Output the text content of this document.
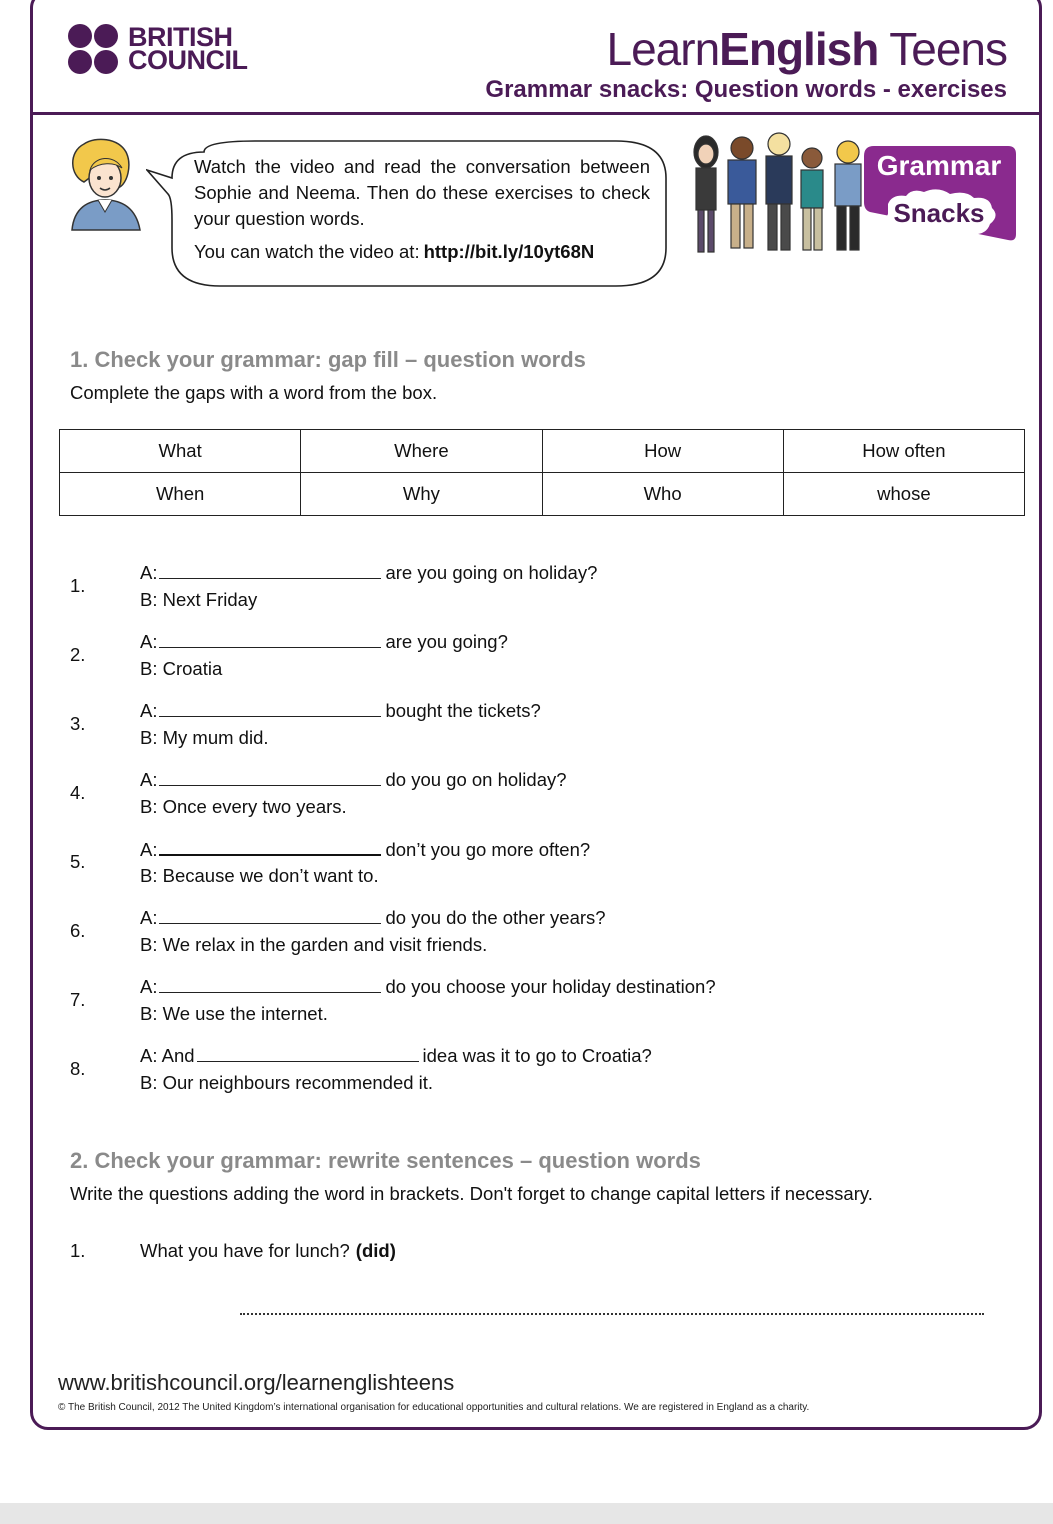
BRITISH
COUNCIL	LearnEnglish Teens
Grammar snacks: Question words - exercises
Watch the video and read the conversation between Sophie and Neema. Then do these exercises to check your question words.
You can watch the video at: http://bit.ly/10yt68N
Grammar
Snacks
1. Check your grammar: gap fill – question words
Complete the gaps with a word from the box.
What	Where	How	How often
When	Why	Who	whose
1.
A:	are you going on holiday?
B: Next Friday
2.
A:	are you going?
B: Croatia
3.
A:	bought the tickets?
B: My mum did.
4.
A:	do you go on holiday?
B: Once every two years.
5.
A:	don’t you go more often?
B: Because we don’t want to.
6.
A:	do you do the other years?
B: We relax in the garden and visit friends.
7.
A:	do you choose your holiday destination?
B: We use the internet.
8.
A: And	idea was it to go to Croatia?
B: Our neighbours recommended it.
2. Check your grammar: rewrite sentences – question words
Write the questions adding the word in brackets. Don't forget to change capital letters if necessary.
1.	What you have for lunch? (did)
www.britishcouncil.org/learnenglishteens
© The British Council, 2012 The United Kingdom’s international organisation for educational opportunities and cultural relations. We are registered in England as a charity.
